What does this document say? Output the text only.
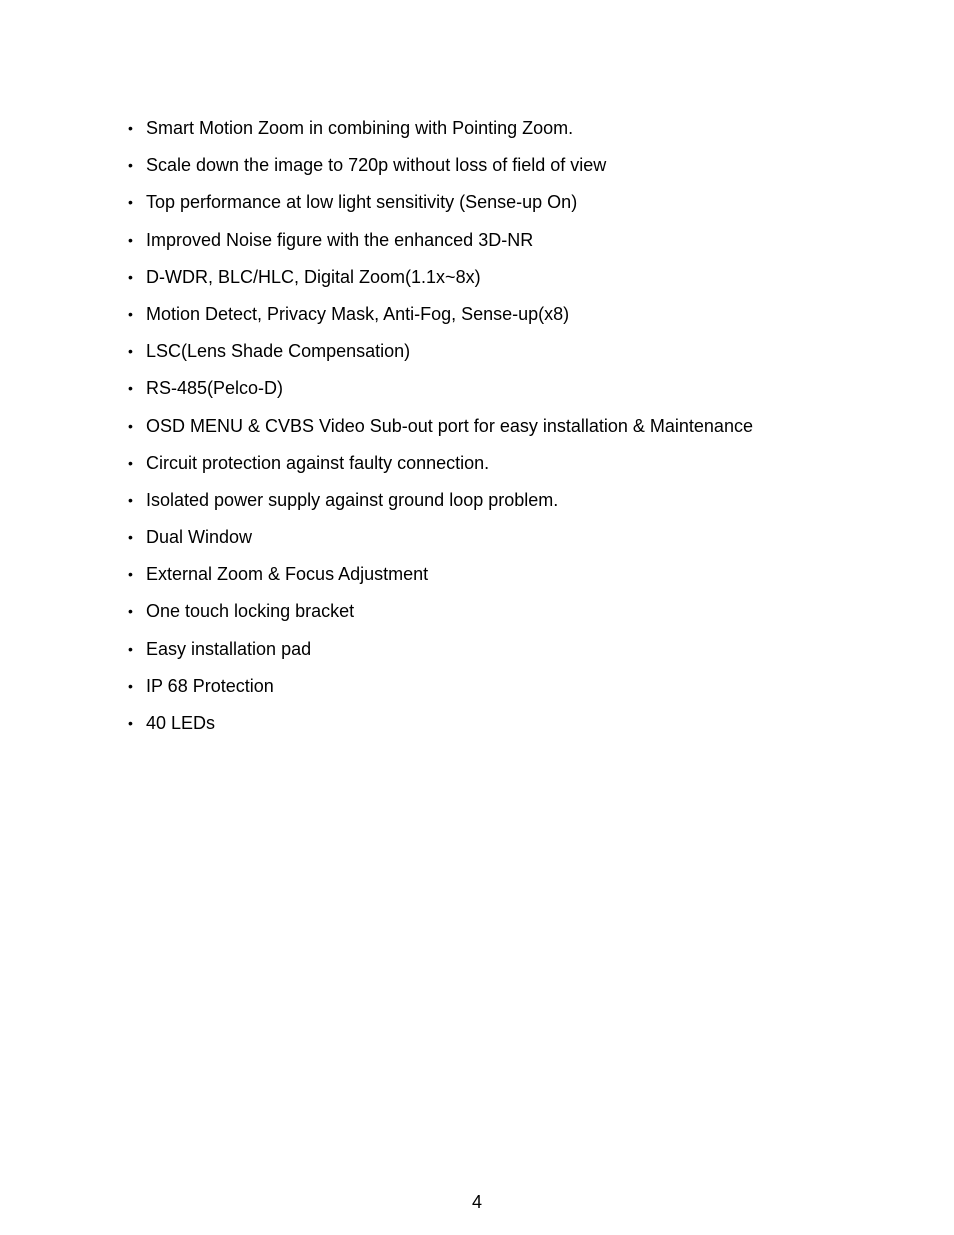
• Smart Motion Zoom in combining with Pointing Zoom.
• Scale down the image to 720p without loss of field of view
• Top performance at low light sensitivity (Sense-up On)
• Improved Noise figure with the enhanced 3D-NR
• D-WDR, BLC/HLC, Digital Zoom(1.1x~8x)
• Motion Detect, Privacy Mask, Anti-Fog, Sense-up(x8)
• LSC(Lens Shade Compensation)
• RS-485(Pelco-D)
• OSD MENU & CVBS Video Sub-out port for easy installation & Maintenance
• Circuit protection against faulty connection.
• Isolated power supply against ground loop problem.
• Dual Window
• External Zoom & Focus Adjustment
• One touch locking bracket
• Easy installation pad
• IP 68 Protection
• 40 LEDs
4
